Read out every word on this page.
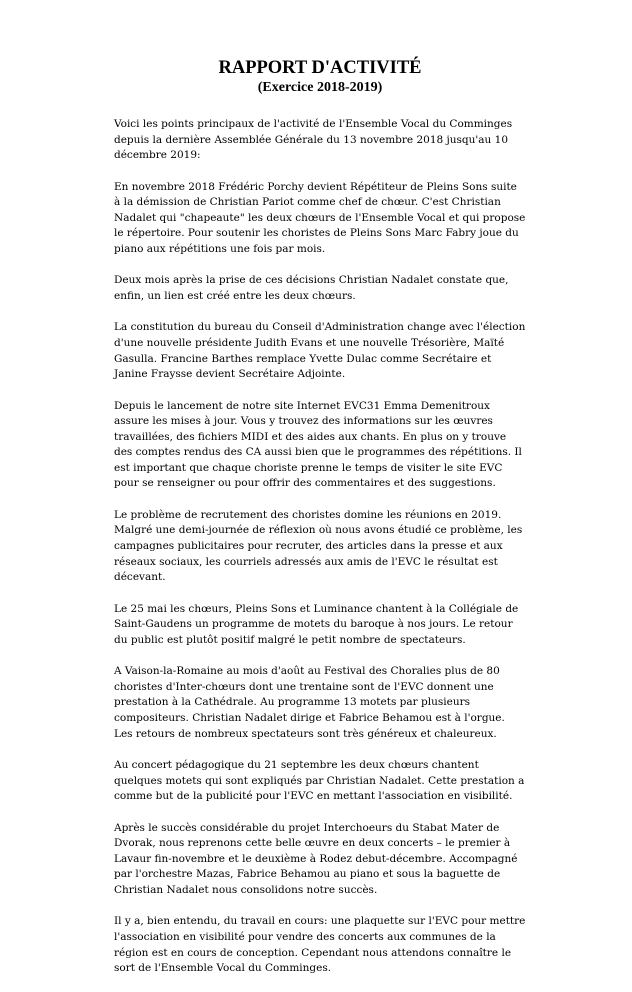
RAPPORT D'ACTIVITÉ
(Exercice 2018-2019)

Voici les points principaux de l'activité de l'Ensemble Vocal du Comminges depuis la dernière Assemblée Générale du 13 novembre 2018 jusqu'au 10 décembre 2019:

En novembre 2018 Frédéric Porchy devient Répétiteur de Pleins Sons suite à la démission de Christian Pariot comme chef de chœur. C'est Christian Nadalet qui "chapeaute" les deux chœurs de l'Ensemble Vocal et qui propose le répertoire. Pour soutenir les choristes de Pleins Sons Marc Fabry joue du piano aux répétitions une fois par mois.

Deux mois après la prise de ces décisions Christian Nadalet constate que, enfin, un lien est créé entre les deux chœurs.

La constitution du bureau du Conseil d'Administration change avec l'élection d'une nouvelle présidente Judith Evans et une nouvelle Trésorière, Maïté Gasulla. Francine Barthes remplace Yvette Dulac comme Secrétaire et Janine Fraysse devient Secrétaire Adjointe.

Depuis le lancement de notre site Internet EVC31 Emma Demenitroux assure les mises à jour. Vous y trouvez des informations sur les œuvres travaillées, des fichiers MIDI et des aides aux chants. En plus on y trouve des comptes rendus des CA aussi bien que le programmes des répétitions. Il est important que chaque choriste prenne le temps de visiter le site EVC pour se renseigner ou pour offrir des commentaires et des suggestions.

Le problème de recrutement des choristes domine les réunions en 2019. Malgré une demi-journée de réflexion où nous avons étudié ce problème, les campagnes publicitaires pour recruter, des articles dans la presse et aux réseaux sociaux, les courriels adressés aux amis de l'EVC le résultat est décevant.

Le 25 mai les chœurs, Pleins Sons et Luminance chantent à la Collégiale de Saint-Gaudens un programme de motets du baroque à nos jours. Le retour du public est plutôt positif malgré le petit nombre de spectateurs.

A Vaison-la-Romaine au mois d'août au Festival des Choralies plus de 80 choristes d'Inter-chœurs dont une trentaine sont de l'EVC donnent une prestation à la Cathédrale. Au programme 13 motets par plusieurs compositeurs. Christian Nadalet dirige et Fabrice Behamou est à l'orgue. Les retours de nombreux spectateurs sont très généreux et chaleureux.

Au concert pédagogique du 21 septembre les deux chœurs chantent quelques motets qui sont expliqués par Christian Nadalet. Cette prestation a comme but de la publicité pour l'EVC en mettant l'association en visibilité.

Après le succès considérable du projet Interchoeurs du Stabat Mater de Dvorak, nous reprenons cette belle œuvre en deux concerts – le premier à Lavaur fin-novembre et le deuxième à Rodez debut-décembre. Accompagné par l'orchestre Mazas, Fabrice Behamou au piano et sous la baguette de Christian Nadalet nous consolidons notre succès.

Il y a, bien entendu, du travail en cours: une plaquette sur l'EVC pour mettre l'association en visibilité pour vendre des concerts aux communes de la région est en cours de conception. Cependant nous attendons connaître le sort de l'Ensemble Vocal du Comminges.
